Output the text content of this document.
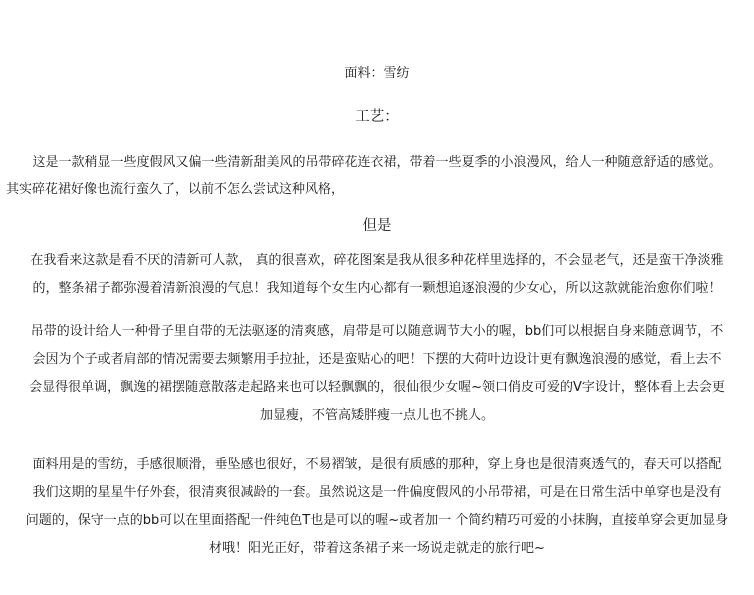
面料：雪纺
工艺：
这是一款稍显一些度假风又偏一些清新甜美风的吊带碎花连衣裙，带着一些夏季的小浪漫风，给人一种随意舒适的感觉。
其实碎花裙好像也流行蛮久了，以前不怎么尝试这种风格，
但是
在我看来这款是看不厌的清新可人款， 真的很喜欢，碎花图案是我从很多种花样里选择的，不会显老气，还是蛮干净淡雅
的，整条裙子都弥漫着清新浪漫的气息！我知道每个女生内心都有一颗想追逐浪漫的少女心，所以这款就能治愈你们啦！
吊带的设计给人一种骨子里自带的无法驱逐的清爽感，肩带是可以随意调节大小的喔，bb们可以根据自身来随意调节，不
会因为个子或者肩部的情况需要去频繁用手拉扯，还是蛮贴心的吧！下摆的大荷叶边设计更有飘逸浪漫的感觉，看上去不
会显得很单调，飘逸的裙摆随意散落走起路来也可以轻飘飘的，很仙很少女喔~领口俏皮可爱的V字设计，整体看上去会更
加显瘦，不管高矮胖瘦一点儿也不挑人。
面料用是的雪纺，手感很顺滑，垂坠感也很好，不易褶皱，是很有质感的那种，穿上身也是很清爽透气的，春天可以搭配
我们这期的星星牛仔外套，很清爽很减龄的一套。虽然说这是一件偏度假风的小吊带裙，可是在日常生活中单穿也是没有
问题的，保守一点的bb可以在里面搭配一件纯色T也是可以的喔~或者加一 个简约精巧可爱的小抹胸，直接单穿会更加显身
材哦！阳光正好，带着这条裙子来一场说走就走的旅行吧~
